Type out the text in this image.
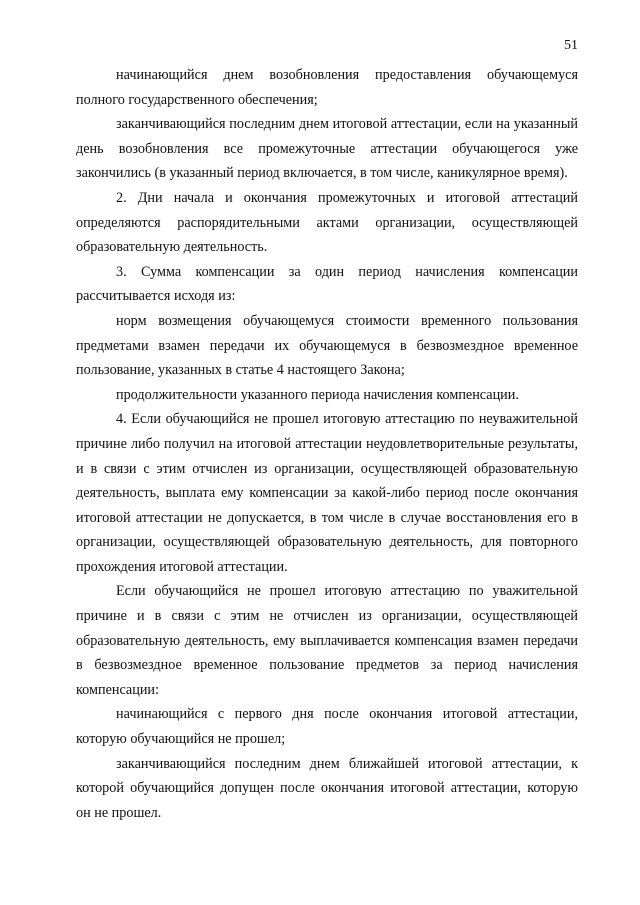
51

начинающийся днем возобновления предоставления обучающемуся полного государственного обеспечения;

заканчивающийся последним днем итоговой аттестации, если на указанный день возобновления все промежуточные аттестации обучающегося уже закончились (в указанный период включается, в том числе, каникулярное время).

2. Дни начала и окончания промежуточных и итоговой аттестаций определяются распорядительными актами организации, осуществляющей образовательную деятельность.

3. Сумма компенсации за один период начисления компенсации рассчитывается исходя из:

норм возмещения обучающемуся стоимости временного пользования предметами взамен передачи их обучающемуся в безвозмездное временное пользование, указанных в статье 4 настоящего Закона;

продолжительности указанного периода начисления компенсации.

4. Если обучающийся не прошел итоговую аттестацию по неуважительной причине либо получил на итоговой аттестации неудовлетворительные результаты, и в связи с этим отчислен из организации, осуществляющей образовательную деятельность, выплата ему компенсации за какой-либо период после окончания итоговой аттестации не допускается, в том числе в случае восстановления его в организации, осуществляющей образовательную деятельность, для повторного прохождения итоговой аттестации.

Если обучающийся не прошел итоговую аттестацию по уважительной причине и в связи с этим не отчислен из организации, осуществляющей образовательную деятельность, ему выплачивается компенсация взамен передачи в безвозмездное временное пользование предметов за период начисления компенсации:

начинающийся с первого дня после окончания итоговой аттестации, которую обучающийся не прошел;

заканчивающийся последним днем ближайшей итоговой аттестации, к которой обучающийся допущен после окончания итоговой аттестации, которую он не прошел.
